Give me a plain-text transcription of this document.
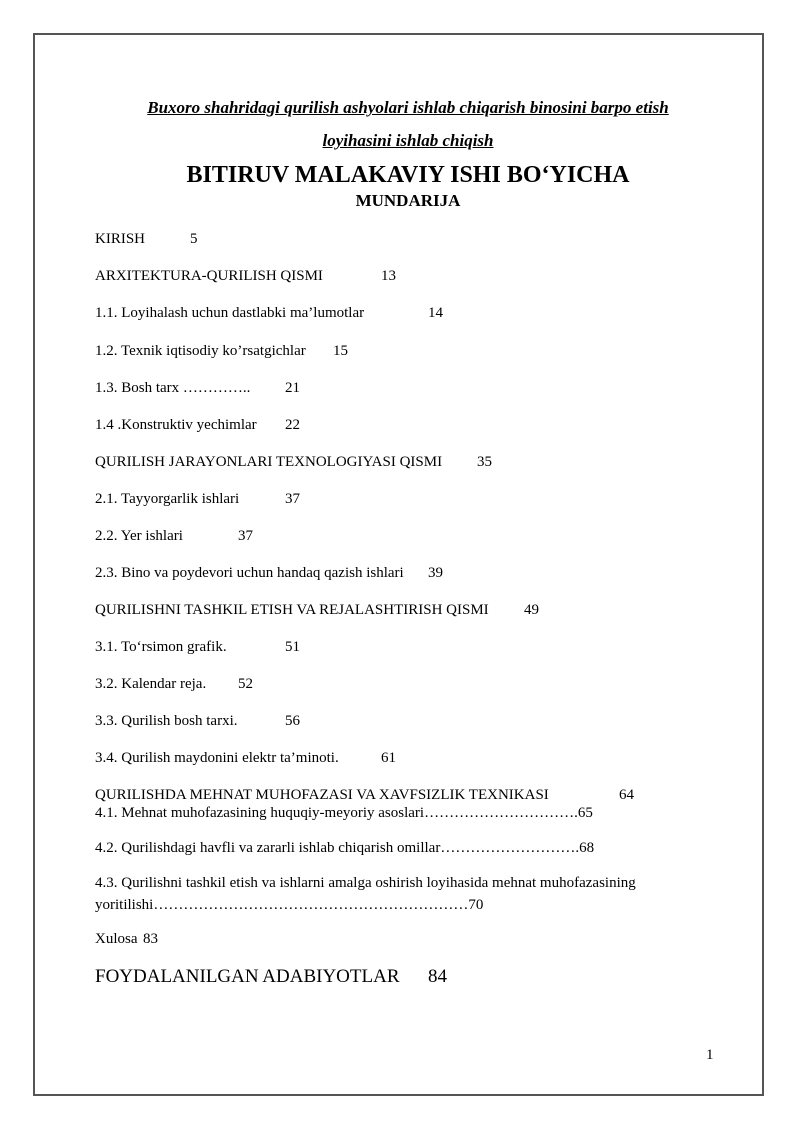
Buxoro shahridagi qurilish ashyolari ishlab chiqarish binosini barpo etish
loyihasini ishlab chiqish
BITIRUV MALAKAVIY ISHI BO‘YICHA
MUNDARIJA
KIRISH	5
ARXITEKTURA-QURILISH QISMI	13
1.1. Loyihalash uchun dastlabki ma’lumotlar	14
1.2. Texnik iqtisodiy ko’rsatgichlar 15
1.3. Bosh tarx ………….. 21
1.4 .Konstruktiv yechimlar 22
QURILISH JARAYONLARI TEXNOLOGIYASI QISMI 35
2.1. Tayyorgarlik ishlari	37
2.2. Yer ishlari	37
2.3. Bino va poydevori uchun handaq qazish ishlari 39
QURILISHNI TASHKIL ETISH VA REJALASHTIRISH QISMI 49
3.1. To‘rsimon grafik.	51
3.2. Kalendar reja. 52
3.3. Qurilish bosh tarxi.	56
3.4. Qurilish maydonini elektr ta’minoti.	61
QURILISHDA MEHNAT MUHOFAZASI VA XAVFSIZLIK TEXNIKASI	64
4.1. Mehnat muhofazasining huquqiy-meyoriy asoslari………………………….65
4.2. Qurilishdagi havfli va zararli ishlab chiqarish omillar……………………….68
4.3. Qurilishni tashkil etish va ishlarni amalga oshirish loyihasida mehnat muhofazasining
yoritilishi………………………………………………………70
Xulosa 83
FOYDALANILGAN ADABIYOTLAR 84
1
